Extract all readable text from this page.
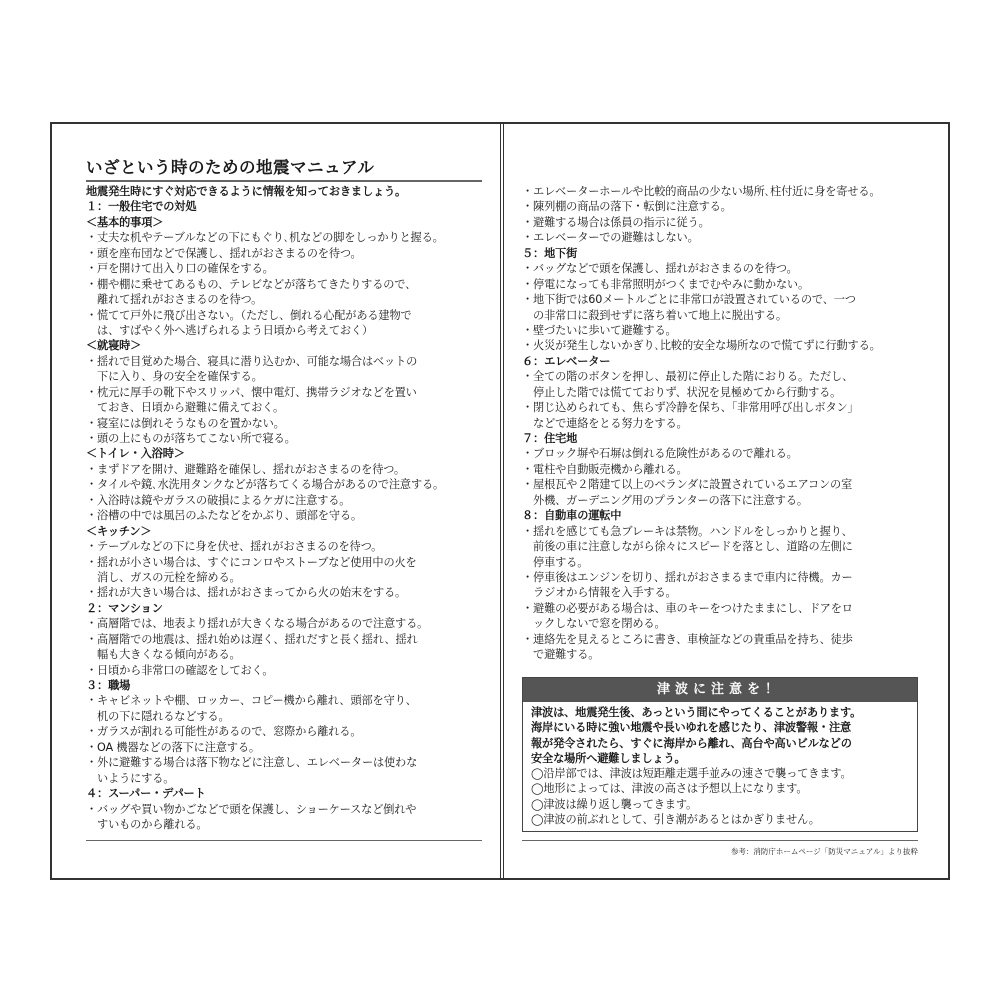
いざという時のための地震マニュアル
地震発生時にすぐ対応できるように情報を知っておきましょう。
１：一般住宅での対処
＜基本的事項＞
・丈夫な机やテーブルなどの下にもぐり､机などの脚をしっかりと握る。
・頭を座布団などで保護し、揺れがおさまるのを待つ。
・戸を開けて出入り口の確保をする。
・棚や棚に乗せてあるもの、テレビなどが落ちてきたりするので、
　離れて揺れがおさまるのを待つ。
・慌てて戸外に飛び出さない。（ただし、倒れる心配がある建物で
　は、すばやく外へ逃げられるよう日頃から考えておく）
＜就寝時＞
・揺れで目覚めた場合、寝具に潜り込むか、可能な場合はベットの
　下に入り、身の安全を確保する。
・枕元に厚手の靴下やスリッパ、懐中電灯、携帯ラジオなどを置い
　ておき、日頃から避難に備えておく。
・寝室には倒れそうなものを置かない。
・頭の上にものが落ちてこない所で寝る。
＜トイレ・入浴時＞
・まずドアを開け、避難路を確保し、揺れがおさまるのを待つ。
・タイルや鏡､水洗用タンクなどが落ちてくる場合があるので注意する。
・入浴時は鏡やガラスの破損によるケガに注意する。
・浴槽の中では風呂のふたなどをかぶり、頭部を守る。
＜キッチン＞
・テーブルなどの下に身を伏せ、揺れがおさまるのを待つ。
・揺れが小さい場合は、すぐにコンロやストーブなど使用中の火を
　消し、ガスの元栓を締める。
・揺れが大きい場合は、揺れがおさまってから火の始末をする。
２：マンション
・高層階では、地表より揺れが大きくなる場合があるので注意する。
・高層階での地震は、揺れ始めは遅く、揺れだすと長く揺れ、揺れ
　幅も大きくなる傾向がある。
・日頃から非常口の確認をしておく。
３：職場
・キャビネットや棚、ロッカー、コピー機から離れ、頭部を守り、
　机の下に隠れるなどする。
・ガラスが割れる可能性があるので、窓際から離れる。
・OA 機器などの落下に注意する。
・外に避難する場合は落下物などに注意し、エレベーターは使わな
　いようにする。
４：スーパー・デパート
・バッグや買い物かごなどで頭を保護し、ショーケースなど倒れや
　すいものから離れる。
・エレベーターホールや比較的商品の少ない場所､柱付近に身を寄せる。
・陳列棚の商品の落下・転倒に注意する。
・避難する場合は係員の指示に従う。
・エレベーターでの避難はしない。
５：地下街
・バッグなどで頭を保護し、揺れがおさまるのを待つ。
・停電になっても非常照明がつくまでむやみに動かない。
・地下街では60メートルごとに非常口が設置されているので、一つ
　の非常口に殺到せずに落ち着いて地上に脱出する。
・壁づたいに歩いて避難する。
・火災が発生しないかぎり､比較的安全な場所なので慌てずに行動する。
６：エレベーター
・全ての階のボタンを押し、最初に停止した階におりる。ただし、
　停止した階では慌てておりず、状況を見極めてから行動する。
・閉じ込められても、焦らず冷静を保ち、「非常用呼び出しボタン」
　などで連絡をとる努力をする。
７：住宅地
・ブロック塀や石塀は倒れる危険性があるので離れる。
・電柱や自動販売機から離れる。
・屋根瓦や２階建て以上のベランダに設置されているエアコンの室
　外機、ガーデニング用のプランターの落下に注意する。
８：自動車の運転中
・揺れを感じても急ブレーキは禁物。ハンドルをしっかりと握り、
　前後の車に注意しながら徐々にスピードを落とし、道路の左側に
　停車する。
・停車後はエンジンを切り、揺れがおさまるまで車内に待機。カー
　ラジオから情報を入手する。
・避難の必要がある場合は、車のキーをつけたままにし、ドアをロ
　ックしないで窓を閉める。
・連絡先を見えるところに書き、車検証などの貴重品を持ち、徒歩
　で避難する。
津波に注意を！
津波は、地震発生後、あっという間にやってくることがあります。
海岸にいる時に強い地震や長いゆれを感じたり、津波警報・注意
報が発令されたら、すぐに海岸から離れ、高台や高いビルなどの
安全な場所へ避難しましょう。
◯沿岸部では、津波は短距離走選手並みの速さで襲ってきます。
◯地形によっては、津波の高さは予想以上になります。
◯津波は繰り返し襲ってきます。
◯津波の前ぶれとして、引き潮があるとはかぎりません。
参考：消防庁ホームページ「防災マニュアル」より抜粋
